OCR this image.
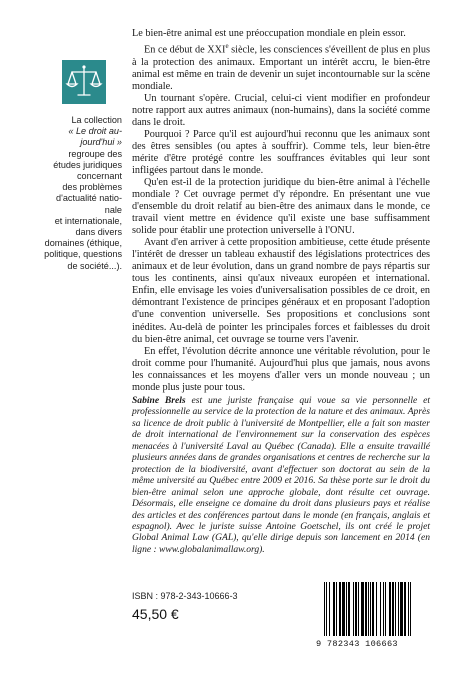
La collection

« Le droit au-

jourd'hui »

regroupe des

études juridiques

concernant

des problèmes

d'actualité natio-

nale

et internationale,

dans divers

domaines (éthique,

politique, questions

de société...).

Le bien-être animal est une préoccupation mondiale en plein essor.

En ce début de XXIe siècle, les consciences s'éveillent de plus en plus à la protection des animaux. Emportant un intérêt accru, le bien-être animal est même en train de devenir un sujet incontournable sur la scène mondiale.

Un tournant s'opère. Crucial, celui-ci vient modifier en profondeur notre rapport aux autres animaux (non-humains), dans la société comme dans le droit.

Pourquoi ? Parce qu'il est aujourd'hui reconnu que les animaux sont des êtres sensibles (ou aptes à souffrir). Comme tels, leur bien-être mérite d'être protégé contre les souffrances évitables qui leur sont infligées partout dans le monde.

Qu'en est-il de la protection juridique du bien-être animal à l'échelle mondiale ? Cet ouvrage permet d'y répondre. En présentant une vue d'ensemble du droit relatif au bien-être des animaux dans le monde, ce travail vient mettre en évidence qu'il existe une base suffisamment solide pour établir une protection universelle à l'ONU.

Avant d'en arriver à cette proposition ambitieuse, cette étude présente l'intérêt de dresser un tableau exhaustif des législations protectrices des animaux et de leur évolution, dans un grand nombre de pays répartis sur tous les continents, ainsi qu'aux niveaux européen et international. Enfin, elle envisage les voies d'universalisation possibles de ce droit, en démontrant l'existence de principes généraux et en proposant l'adoption d'une convention universelle. Ses propositions et conclusions sont inédites. Au-delà de pointer les principales forces et faiblesses du droit du bien-être animal, cet ouvrage se tourne vers l'avenir.

En effet, l'évolution décrite annonce une véritable révolution, pour le droit comme pour l'humanité. Aujourd'hui plus que jamais, nous avons les connaissances et les moyens d'aller vers un monde nouveau ; un monde plus juste pour tous.

Sabine Brels est une juriste française qui voue sa vie personnelle et professionnelle au service de la protection de la nature et des animaux. Après sa licence de droit public à l'université de Montpellier, elle a fait son master de droit international de l'environnement sur la conservation des espèces menacées à l'université Laval au Québec (Canada). Elle a ensuite travaillé plusieurs années dans de grandes organisations et centres de recherche sur la protection de la biodiversité, avant d'effectuer son doctorat au sein de la même université au Québec entre 2009 et 2016. Sa thèse porte sur le droit du bien-être animal selon une approche globale, dont résulte cet ouvrage. Désormais, elle enseigne ce domaine du droit dans plusieurs pays et réalise des articles et des conférences partout dans le monde (en français, anglais et espagnol). Avec le juriste suisse Antoine Goetschel, ils ont créé le projet Global Animal Law (GAL), qu'elle dirige depuis son lancement en 2014 (en ligne : www.globalanimallaw.org).
ISBN : 978-2-343-10666-3
45,50 €
9 782343 106663
